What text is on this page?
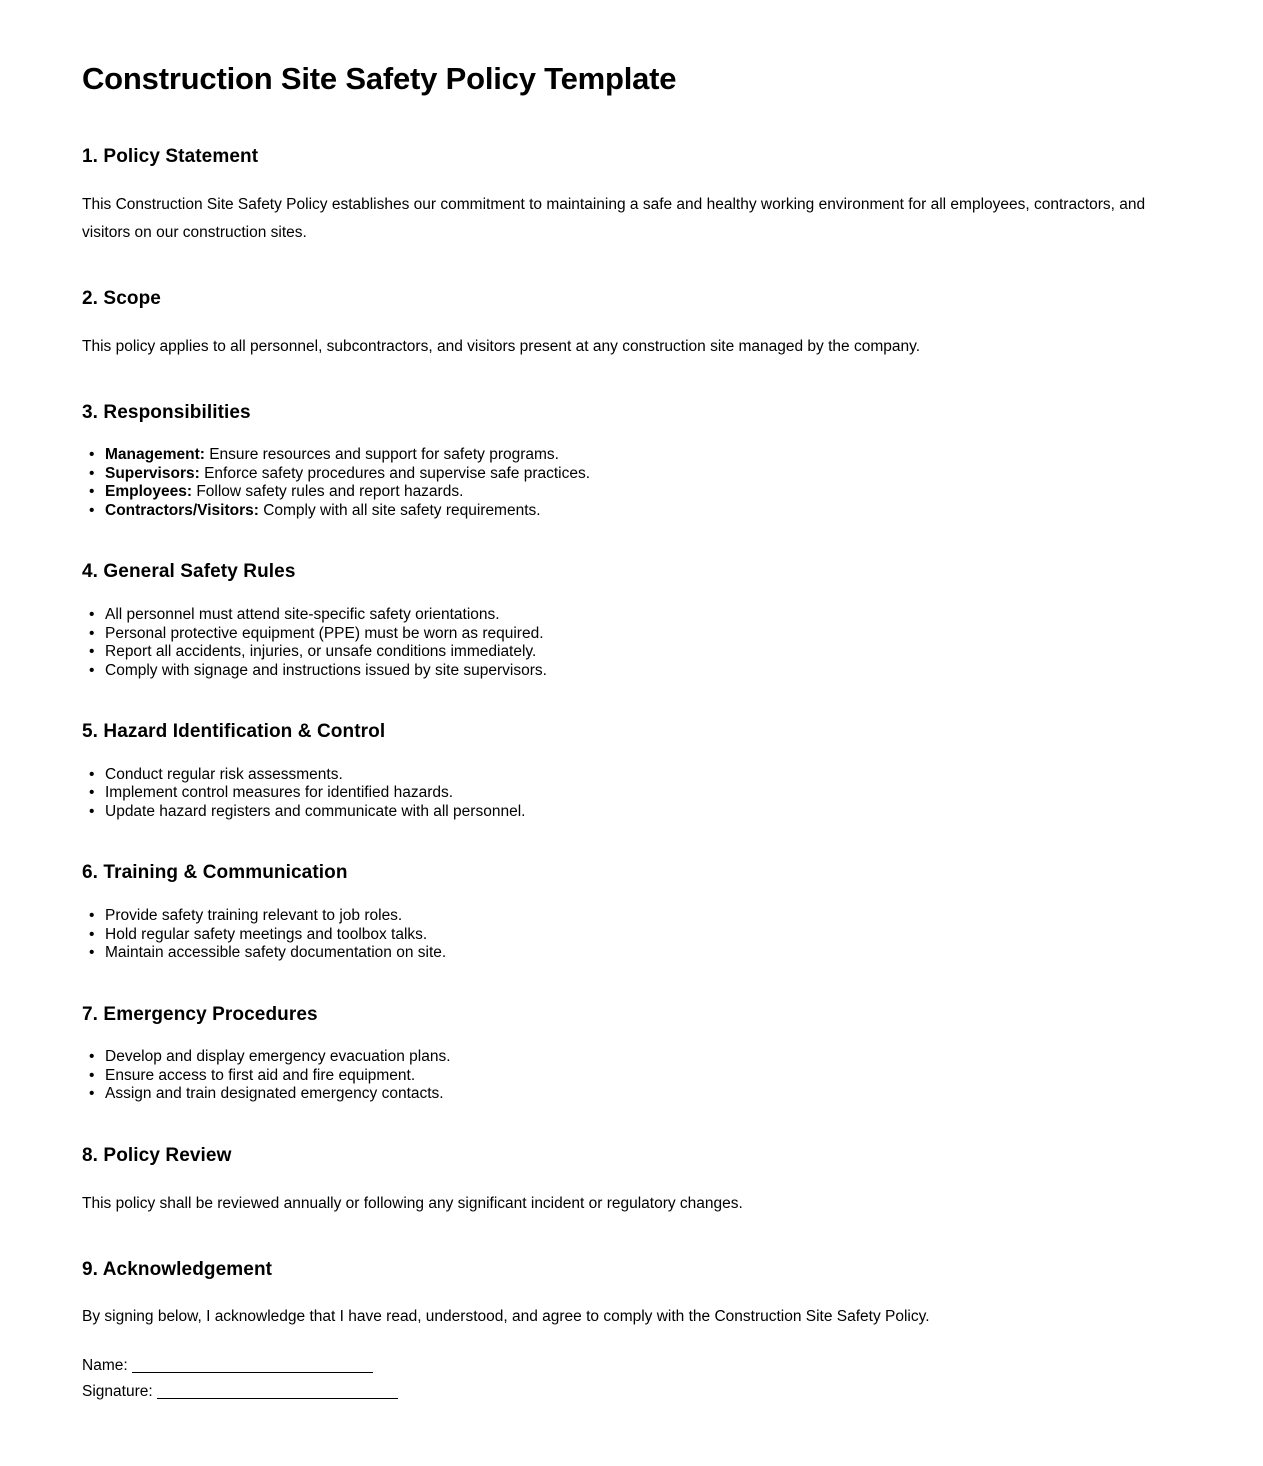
Construction Site Safety Policy Template
1. Policy Statement

This Construction Site Safety Policy establishes our commitment to maintaining a safe and healthy working environment for all employees, contractors, and visitors on our construction sites.

2. Scope

This policy applies to all personnel, subcontractors, and visitors present at any construction site managed by the company.

3. Responsibilities
• Management: Ensure resources and support for safety programs.
• Supervisors: Enforce safety procedures and supervise safe practices.
• Employees: Follow safety rules and report hazards.
• Contractors/Visitors: Comply with all site safety requirements.
4. General Safety Rules
• All personnel must attend site-specific safety orientations.
• Personal protective equipment (PPE) must be worn as required.
• Report all accidents, injuries, or unsafe conditions immediately.
• Comply with signage and instructions issued by site supervisors.
5. Hazard Identification & Control
• Conduct regular risk assessments.
• Implement control measures for identified hazards.
• Update hazard registers and communicate with all personnel.
6. Training & Communication
• Provide safety training relevant to job roles.
• Hold regular safety meetings and toolbox talks.
• Maintain accessible safety documentation on site.
7. Emergency Procedures
• Develop and display emergency evacuation plans.
• Ensure access to first aid and fire equipment.
• Assign and train designated emergency contacts.
8. Policy Review

This policy shall be reviewed annually or following any significant incident or regulatory changes.

9. Acknowledgement

By signing below, I acknowledge that I have read, understood, and agree to comply with the Construction Site Safety Policy.

Name:

Signature:
